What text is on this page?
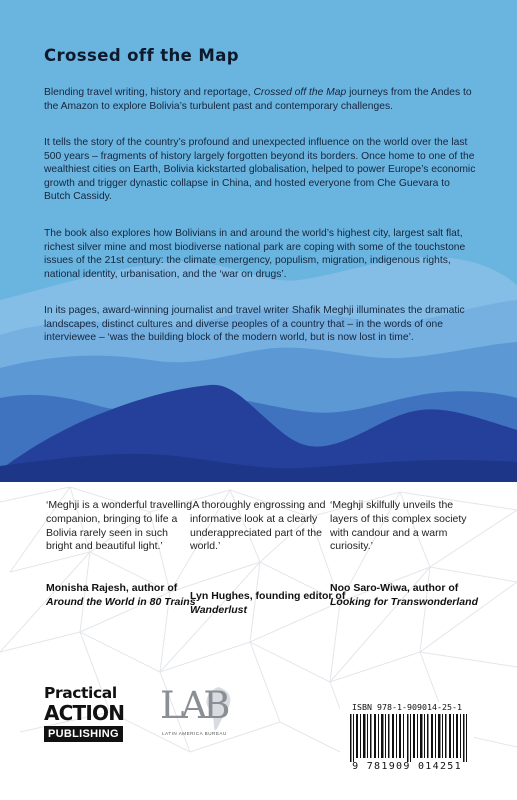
Crossed off the Map

Blending travel writing, history and reportage, Crossed off the Map journeys from the Andes to the Amazon to explore Bolivia’s turbulent past and contemporary challenges.

It tells the story of the country’s profound and unexpected influence on the world over the last 500 years – fragments of history largely forgotten beyond its borders. Once home to one of the wealthiest cities on Earth, Bolivia kickstarted globalisation, helped to power Europe’s economic growth and trigger dynastic collapse in China, and hosted everyone from Che Guevara to Butch Cassidy.

The book also explores how Bolivians in and around the world’s highest city, largest salt flat, richest silver mine and most biodiverse national park are coping with some of the touchstone issues of the 21st century: the climate emergency, populism, migration, indigenous rights, national identity, urbanisation, and the ‘war on drugs’.

In its pages, award-winning journalist and travel writer Shafik Meghji illuminates the dramatic landscapes, distinct cultures and diverse peoples of a country that – in the words of one interviewee – ‘was the building block of the modern world, but is now lost in time’.

‘Meghji is a wonderful travelling companion, bringing to life a Bolivia rarely seen in such bright and beautiful light.’

‘A thoroughly engrossing and informative look at a clearly underappreciated part of the world.’

‘Meghji skilfully unveils the layers of this complex society with candour and a warm curiosity.’

Monisha Rajesh, author of Around the World in 80 Trains

Lyn Hughes, founding editor of Wanderlust

Noo Saro-Wiwa, author of Looking for Transwonderland

Practical

ACTION

PUBLISHING

LAB

LATIN AMERICA BUREAU

ISBN 978-1-909014-25-1

9 781909 014251
